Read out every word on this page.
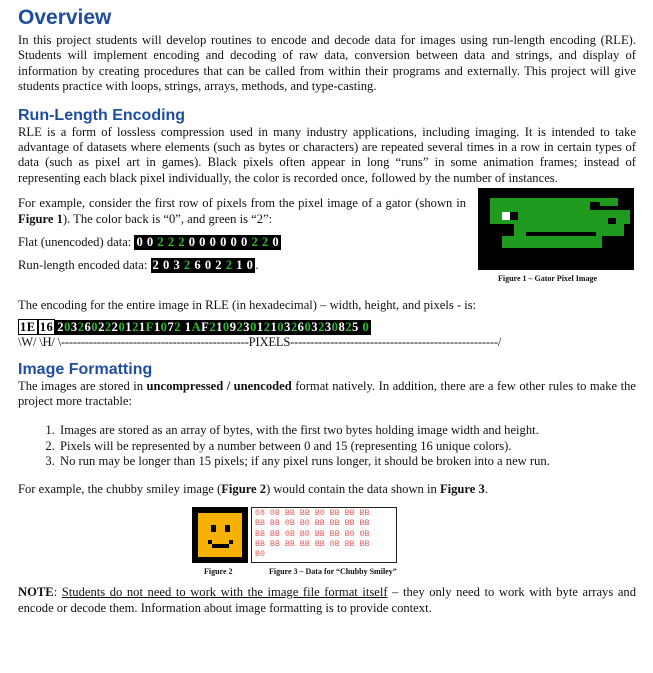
Overview

In this project students will develop routines to encode and decode data for images using run-length encoding (RLE). Students will implement encoding and decoding of raw data, conversion between data and strings, and display of information by creating procedures that can be called from within their programs and externally. This project will give students practice with loops, strings, arrays, methods, and type-casting.

Run-Length Encoding

RLE is a form of lossless compression used in many industry applications, including imaging. It is intended to take advantage of datasets where elements (such as bytes or characters) are repeated several times in a row in certain types of data (such as pixel art in games). Black pixels often appear in long “runs” in some animation frames; instead of representing each black pixel individually, the color is recorded once, followed by the number of instances.

For example, consider the first row of pixels from the pixel image of a gator (shown in Figure 1). The color back is “0”, and green is “2”:

Flat (unencoded) data: 0 0 2 2 2 0 0 0 0 0 0 2 2 0
Run-length encoded data: 2 0 3 2 6 0 2 2 1 0 .
Figure 1 – Gator Pixel Image

The encoding for the entire image in RLE (in hexadecimal) – width, height, and pixels - is:

1E 16 2032602220121F1072 1AF2109230121032603230825 0
\W/ \H/ \-----------------------------------------------PIXELS----------------------------------------------------/
Image Formatting

The images are stored in uncompressed / unencoded format natively. In addition, there are a few other rules to make the project more tractable:

1. Images are stored as an array of bytes, with the first two bytes holding image width and height.
2. Pixels will be represented by a number between 0 and 15 (representing 16 unique colors).
3. No run may be longer than 15 pixels; if any pixel runs longer, it should be broken into a new run.

For example, the chubby smiley image (Figure 2) would contain the data shown in Figure 3.

08 0B BB BB B0 BB BB BB
BB BB 0B B0 BB BB BB BB
BB BB 0B B0 BB BB B0 0B
BB BB BB BB BB 0B BB BB
B0
Figure 2	Figure 3 – Data for “Chubby Smiley”

NOTE: Students do not need to work with the image file format itself – they only need to work with byte arrays and encode or decode them. Information about image formatting is to provide context.
